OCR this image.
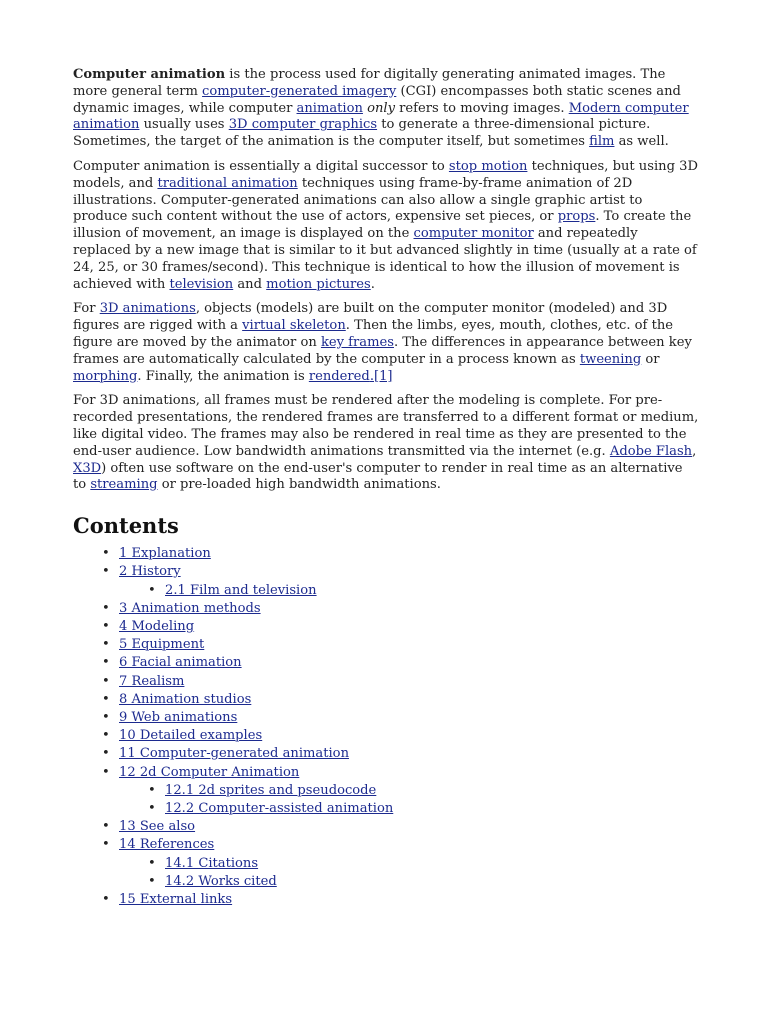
Computer animation is the process used for digitally generating animated images. The more general term computer-generated imagery (CGI) encompasses both static scenes and dynamic images, while computer animation only refers to moving images. Modern computer animation usually uses 3D computer graphics to generate a three-dimensional picture. Sometimes, the target of the animation is the computer itself, but sometimes film as well.

Computer animation is essentially a digital successor to stop motion techniques, but using 3D models, and traditional animation techniques using frame-by-frame animation of 2D illustrations. Computer-generated animations can also allow a single graphic artist to produce such content without the use of actors, expensive set pieces, or props. To create the illusion of movement, an image is displayed on the computer monitor and repeatedly replaced by a new image that is similar to it but advanced slightly in time (usually at a rate of 24, 25, or 30 frames/second). This technique is identical to how the illusion of movement is achieved with television and motion pictures.

For 3D animations, objects (models) are built on the computer monitor (modeled) and 3D figures are rigged with a virtual skeleton. Then the limbs, eyes, mouth, clothes, etc. of the figure are moved by the animator on key frames. The differences in appearance between key frames are automatically calculated by the computer in a process known as tweening or morphing. Finally, the animation is rendered.[1]

For 3D animations, all frames must be rendered after the modeling is complete. For pre-recorded presentations, the rendered frames are transferred to a different format or medium, like digital video. The frames may also be rendered in real time as they are presented to the end-user audience. Low bandwidth animations transmitted via the internet (e.g. Adobe Flash, X3D) often use software on the end-user's computer to render in real time as an alternative to streaming or pre-loaded high bandwidth animations.

Contents
• 1 Explanation
• 2 History
• 2.1 Film and television
• 3 Animation methods
• 4 Modeling
• 5 Equipment
• 6 Facial animation
• 7 Realism
• 8 Animation studios
• 9 Web animations
• 10 Detailed examples
• 11 Computer-generated animation
• 12 2d Computer Animation
• 12.1 2d sprites and pseudocode
• 12.2 Computer-assisted animation
• 13 See also
• 14 References
• 14.1 Citations
• 14.2 Works cited
• 15 External links
